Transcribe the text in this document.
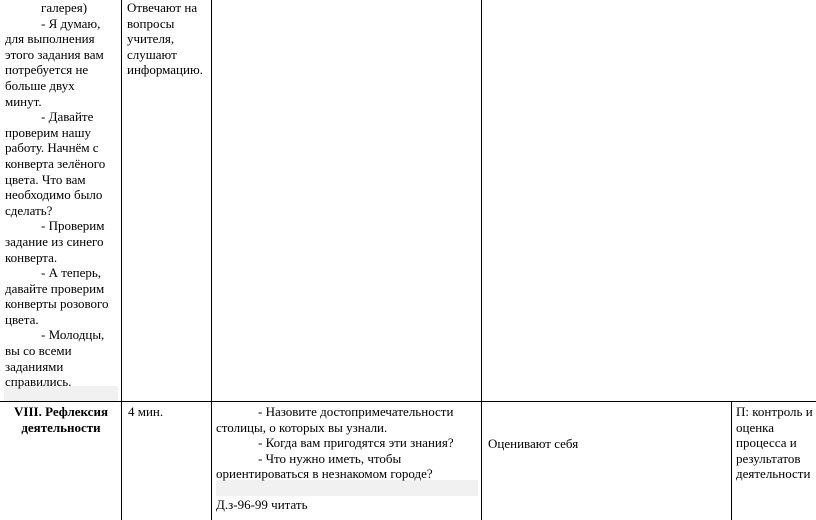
галерея)
- Я думаю,
для выполнения
этого задания вам
потребуется не
больше двух
минут.
- Давайте
проверим нашу
работу. Начнём с
конверта зелёного
цвета. Что вам
необходимо было
сделать?
- Проверим
задание из синего
конверта.
- А теперь,
давайте проверим
конверты розового
цвета.
- Молодцы,
вы со всеми
заданиями
справились.
Отвечают на
вопросы
учителя,
слушают
информацию.
VIII. Рефлексия
деятельности
4 мин.	- Назовите достопримечательности
столицы, о которых вы узнали.
- Когда вам пригодятся эти знания?
- Что нужно иметь, чтобы
ориентироваться в незнакомом городе?
Д.з-96-99 читать
Оценивают себя
П: контроль и
оценка
процесса и
результатов
деятельности
